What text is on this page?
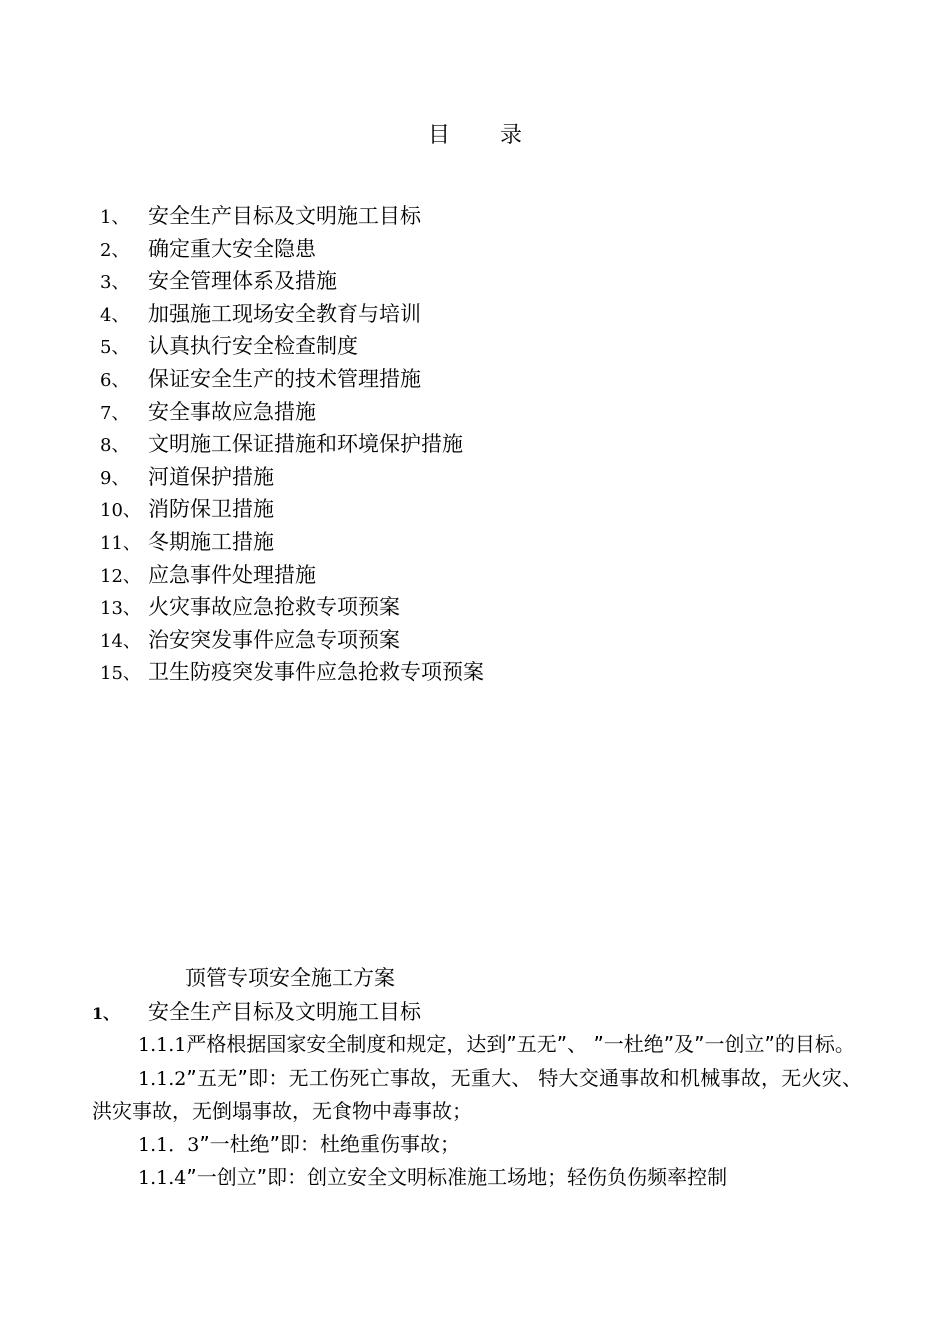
目 录
1、 安全生产目标及文明施工目标
2、 确定重大安全隐患
3、 安全管理体系及措施
4、 加强施工现场安全教育与培训
5、 认真执行安全检查制度
6、 保证安全生产的技术管理措施
7、 安全事故应急措施
8、 文明施工保证措施和环境保护措施
9、 河道保护措施
10、 消防保卫措施
11、 冬期施工措施
12、 应急事件处理措施
13、 火灾事故应急抢救专项预案
14、 治安突发事件应急专项预案
15、 卫生防疫突发事件应急抢救专项预案
顶管专项安全施工方案
1、 安全生产目标及文明施工目标

1.1.1严格根据国家安全制度和规定，达到”五无”、 ”一杜绝”及”一创立”的目标。

1.1.2”五无”即：无工伤死亡事故，无重大、 特大交通事故和机械事故，无火灾、 洪灾事故，无倒塌事故，无食物中毒事故；

1.1．3”一杜绝”即：杜绝重伤事故；

1.1.4”一创立”即：创立安全文明标准施工场地；轻伤负伤频率控制
